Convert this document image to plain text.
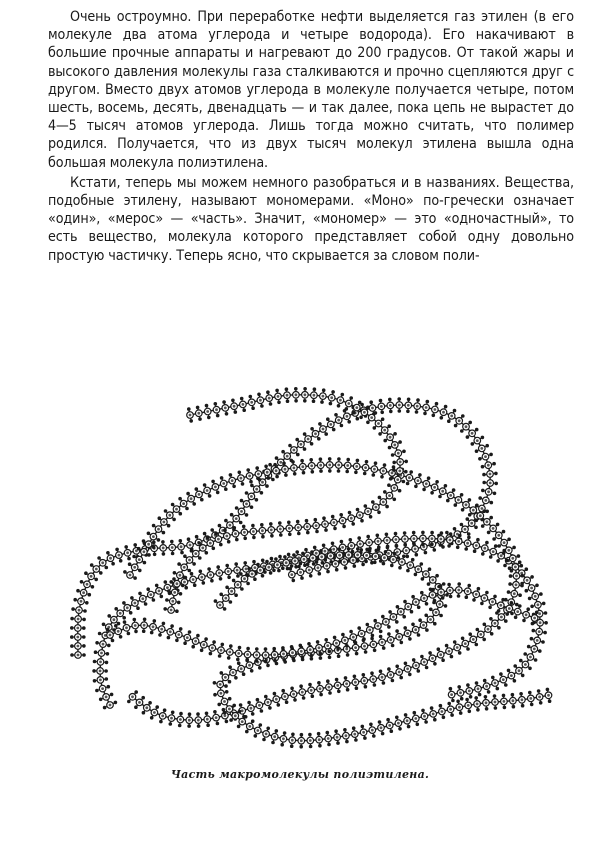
Очень остроумно. При переработке нефти выделяется газ этилен (в его молекуле два атома углерода и четыре водорода). Его накачивают в большие прочные аппараты и нагревают до 200 градусов. От такой жары и высокого давления молекулы газа сталкиваются и прочно сцепляются друг с другом. Вместо двух атомов углерода в молекуле получается четыре, потом шесть, восемь, десять, двенадцать — и так далее, пока цепь не вырастет до 4—5 тысяч атомов углерода. Лишь тогда можно считать, что полимер родился. Получается, что из двух тысяч молекул этилена вышла одна большая молекула полиэтилена.

Кстати, теперь мы можем немного разобраться и в названиях. Вещества, подобные этилену, называют мономерами. «Моно» по-гречески означает «один», «мерос» — «часть». Значит, «мономер» — это «одночастный», то есть вещество, молекула которого представляет собой одну довольно простую частичку. Теперь ясно, что скрывается за словом поли-

Часть макромолекулы полиэтилена.
